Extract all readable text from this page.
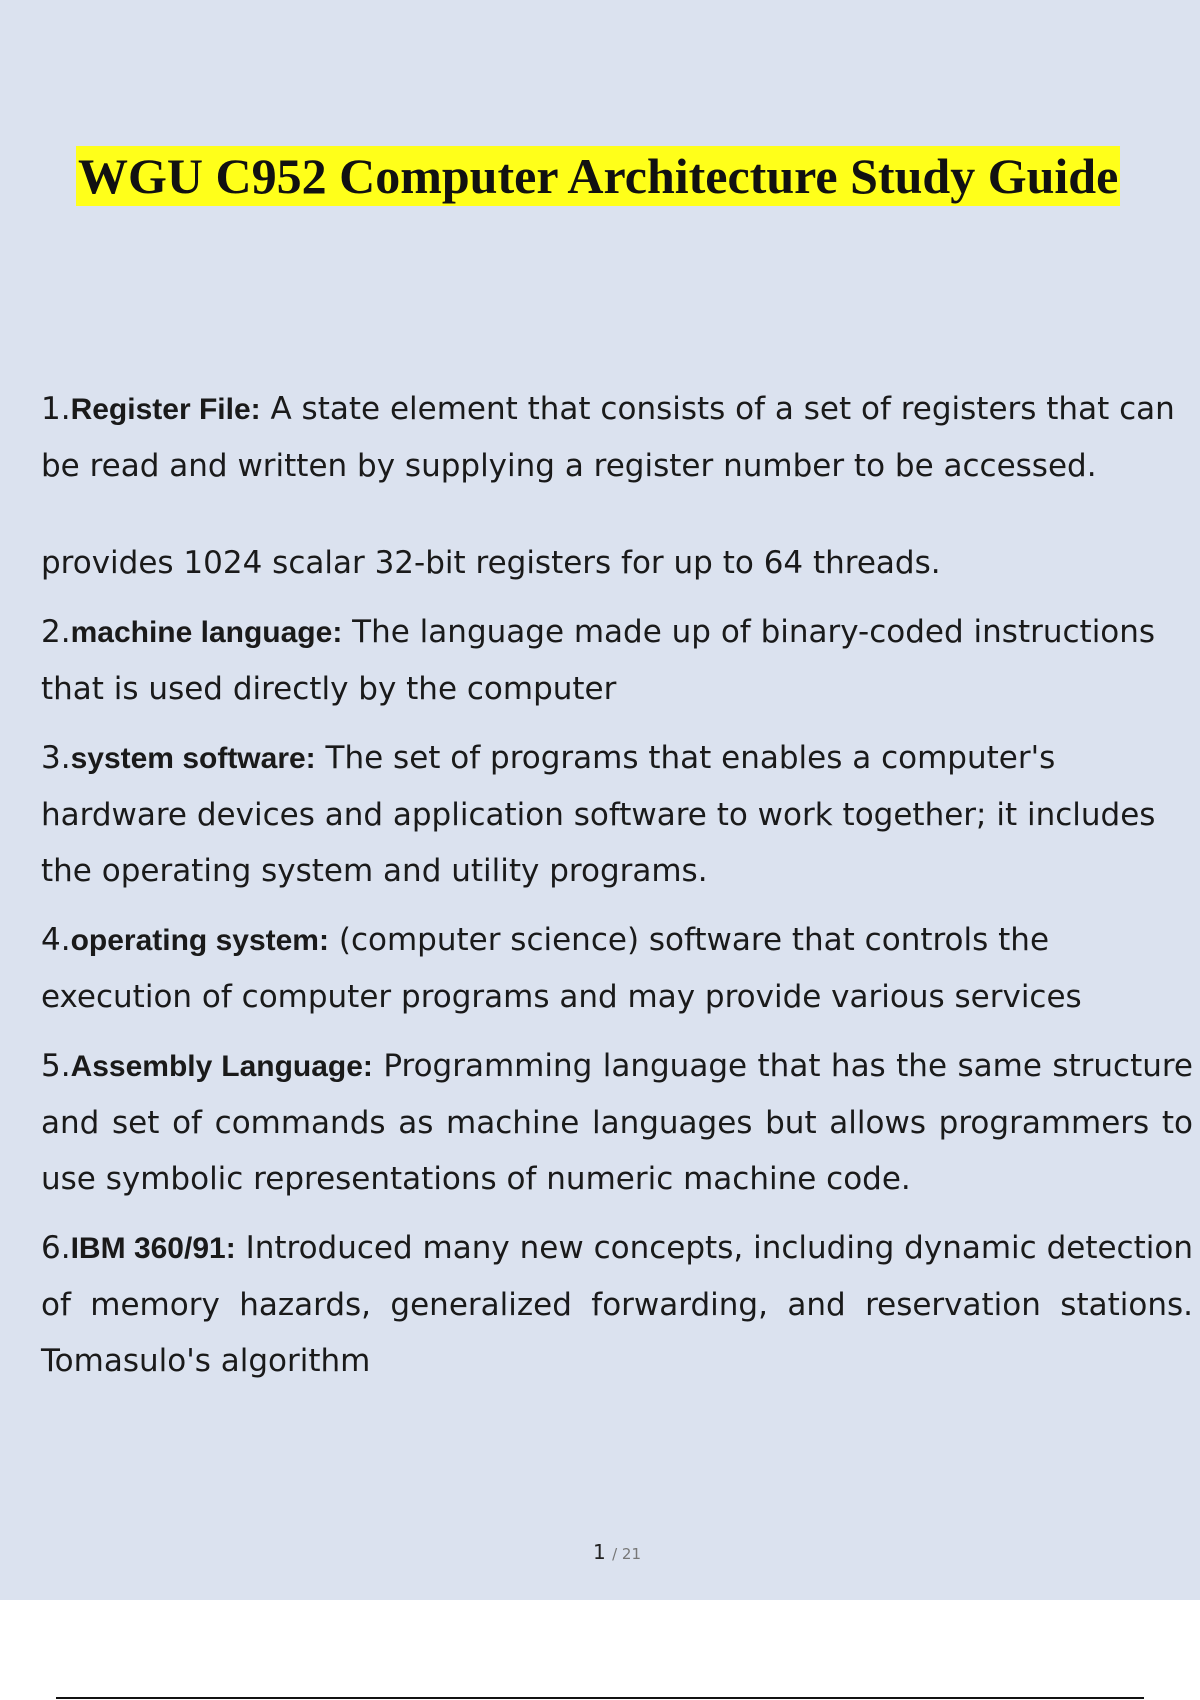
WGU C952 Computer Architecture Study Guide
1.Register File: A state element that consists of a set of registers that can be read and written by supplying a register number to be accessed.
provides 1024 scalar 32-bit registers for up to 64 threads.
2.machine language: The language made up of binary-coded instructions that is used directly by the computer
3.system software: The set of programs that enables a computer's hardware devices and application software to work together; it includes the operating system and utility programs.
4.operating system: (computer science) software that controls the execution of computer programs and may provide various services
5.Assembly Language: Programming language that has the same structure and set of commands as machine languages but allows programmers to use symbolic representations of numeric machine code.
6.IBM 360/91: Introduced many new concepts, including dynamic detection of memory hazards, generalized forwarding, and reservation stations. Tomasulo's algorithm
1 / 21
